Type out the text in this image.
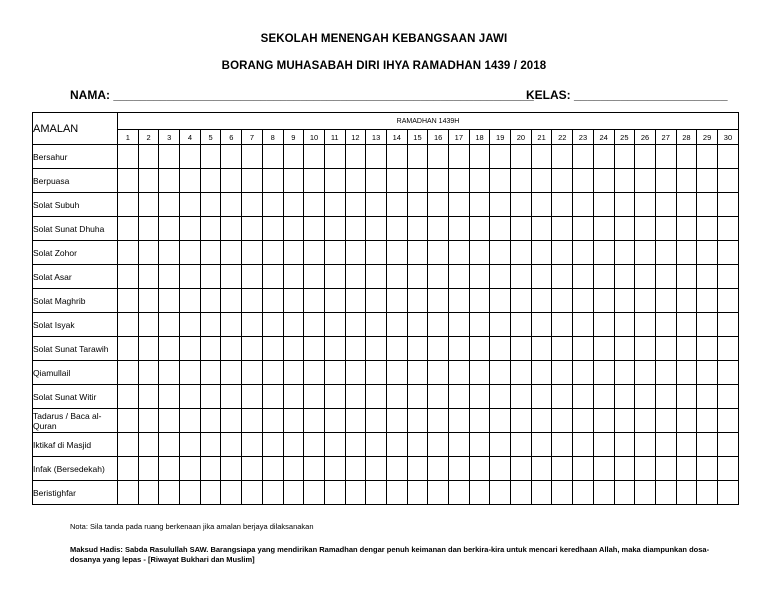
SEKOLAH MENENGAH KEBANGSAAN JAWI
BORANG MUHASABAH DIRI IHYA RAMADHAN 1439 / 2018
NAMA: _______________________________________________________________
KELAS: _______________________
AMALAN	RAMADHAN 1439H																													
	1	2	3	4	5	6	7	8	9	10	11	12	13	14	15	16	17	18	19	20	21	22	23	24	25	26	27	28	29	30
Bersahur																														
Berpuasa																														
Solat Subuh																														
Solat Sunat Dhuha																														
Solat Zohor																														
Solat Asar																														
Solat Maghrib																														
Solat Isyak																														
Solat Sunat Tarawih																														
Qiamullail																														
Solat Sunat Witir																														
Tadarus / Baca al-Quran																														
Iktikaf di Masjid																														
Infak (Bersedekah)																														
Beristighfar																														
Nota: Sila tanda pada ruang berkenaan jika amalan berjaya dilaksanakan
Maksud Hadis: Sabda Rasulullah SAW. Barangsiapa yang mendirikan Ramadhan dengar penuh keimanan dan berkira-kira untuk mencari keredhaan Allah, maka diampunkan dosa-dosanya yang lepas - [Riwayat Bukhari dan Muslim]
